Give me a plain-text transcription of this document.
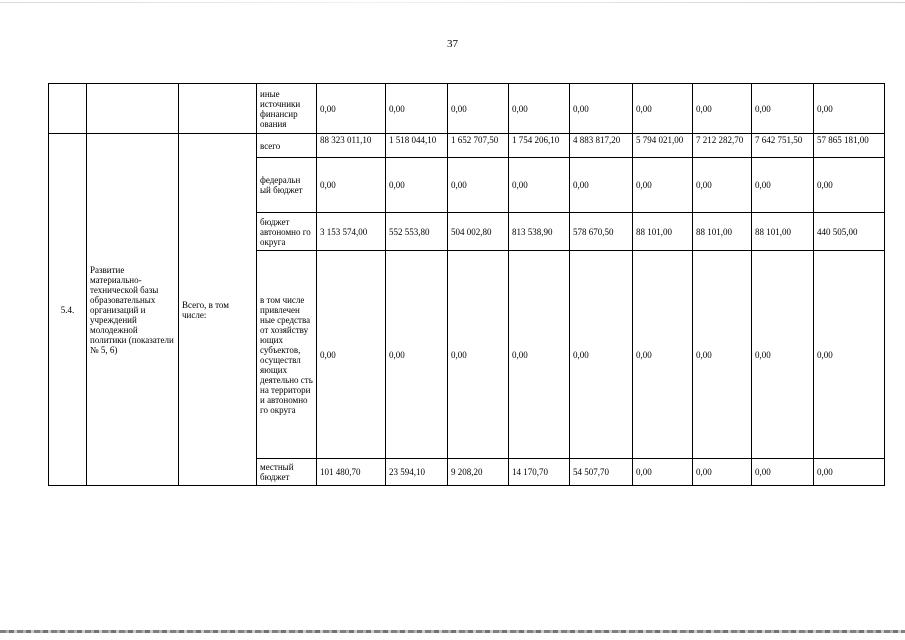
37
			иные источники финансир ования	0,00	0,00	0,00	0,00	0,00	0,00	0,00	0,00	0,00
5.4.	Развитие материально-технической базы образовательных организаций и учреждений молодежной политики (показатели № 5, 6)	Всего, в том числе:	всего	88 323 011,10	1 518 044,10	1 652 707,50	1 754 206,10	4 883 817,20	5 794 021,00	7 212 282,70	7 642 751,50	57 865 181,00
			федеральн ый бюджет	0,00	0,00	0,00	0,00	0,00	0,00	0,00	0,00	0,00
			бюджет автономно го округа	3 153 574,00	552 553,80	504 002,80	813 538,90	578 670,50	88 101,00	88 101,00	88 101,00	440 505,00
			в том числе привлечен ные средства от хозяйству ющих субъектов, осуществл яющих деятельно сть на территори и автономно го округа	0,00	0,00	0,00	0,00	0,00	0,00	0,00	0,00	0,00
			местный бюджет	101 480,70	23 594,10	9 208,20	14 170,70	54 507,70	0,00	0,00	0,00	0,00
